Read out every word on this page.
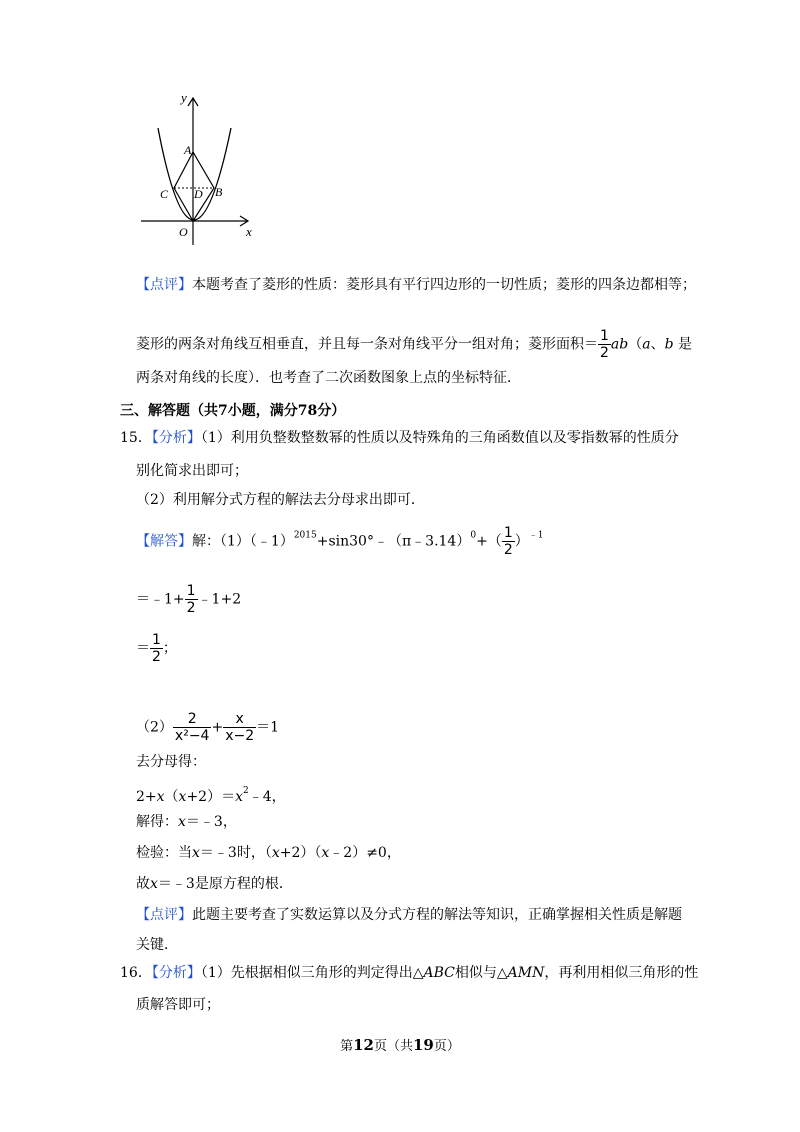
y
x
A
C D B
O
【点评】本题考查了菱形的性质：菱形具有平行四边形的一切性质；菱形的四条边都相等；
菱形的两条对角线互相垂直，并且每一条对角线平分一组对角；菱形面积＝ $\frac{1}{2} ab(a$、b 是
两条对角线的长度）．也考查了二次函数图象上点的坐标特征．
三、解答题（共7小题，满分78分）
15．【分析】（1）利用负整数整数幂的性质以及特殊角的三角函数值以及零指数幂的性质分
别化简求出即可；
（2）利用解分式方程的解法去分母求出即可．
【解答】解：（1）（﹣1）$^{2015}$+sin30°﹣（π﹣3.14）$^0$+（ $\frac{1}{2} )^{﹣1}$
＝﹣1+ $\frac{1}{2}$ ﹣1+2
＝ $\frac{1}{2}$ ；
$(2) \frac{2}{\text{x²−4}} + \frac{x}{x-2} =1$
去分母得：
$2+x(x+2)=x^2﹣4$，
解得：x＝﹣3，
检验：当x＝﹣3时，（x+2）（x﹣2）≠0，
故x＝﹣3是原方程的根．
【点评】此题主要考查了实数运算以及分式方程的解法等知识，正确掌握相关性质是解题
关键．
16．【分析】（1）先根据相似三角形的判定得出△ABC相似与△AMN，再利用相似三角形的性
质解答即可；
第12页（共19页）
